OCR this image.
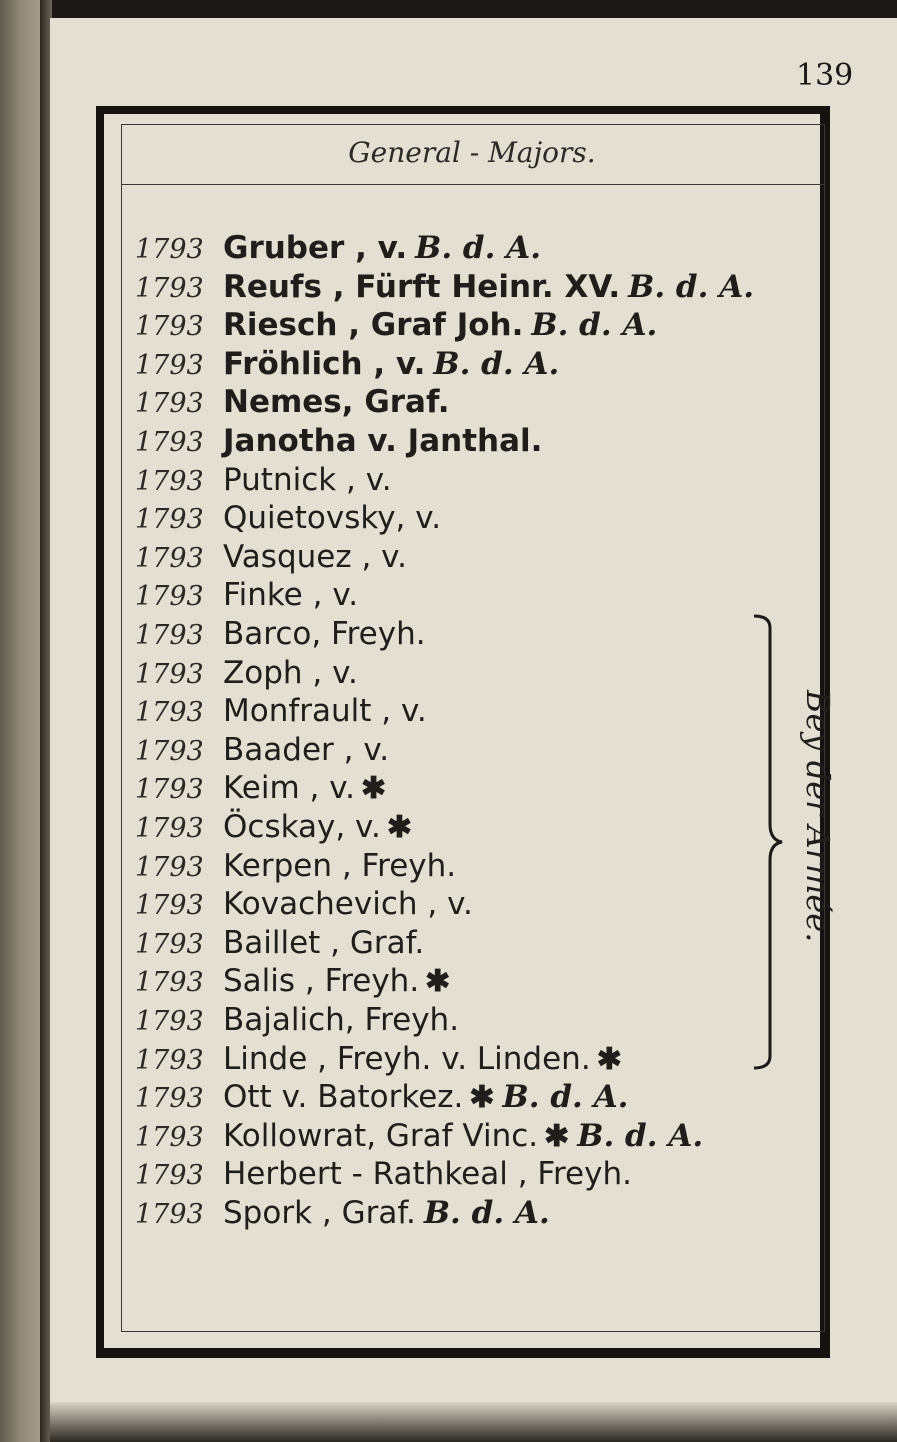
139
General - Majors.
1793 Gruber , v. B. d. A.
1793 Reufs , Fürft Heinr. XV. B. d. A.
1793 Riesch , Graf Joh. B. d. A.
1793 Fröhlich , v. B. d. A.
1793 Nemes, Graf.
1793 Janotha v. Janthal.
1793 Putnick , v.
1793 Quietovsky, v.
1793 Vasquez , v.
1793 Finke , v.
1793 Barco, Freyh.
1793 Zoph , v.
1793 Monfrault , v.
1793 Baader , v.
1793 Keim , v. ✱
1793 Öcskay, v. ✱
1793 Kerpen , Freyh.
1793 Kovachevich , v.
1793 Baillet , Graf.
1793 Salis , Freyh. ✱
1793 Bajalich, Freyh.
1793 Linde , Freyh. v. Linden. ✱
1793 Ott v. Batorkez. ✱ B. d. A.
1793 Kollowrat, Graf Vinc. ✱ B. d. A.
1793 Herbert - Rathkeal , Freyh.
1793 Spork , Graf. B. d. A.
Bey der Armée.
